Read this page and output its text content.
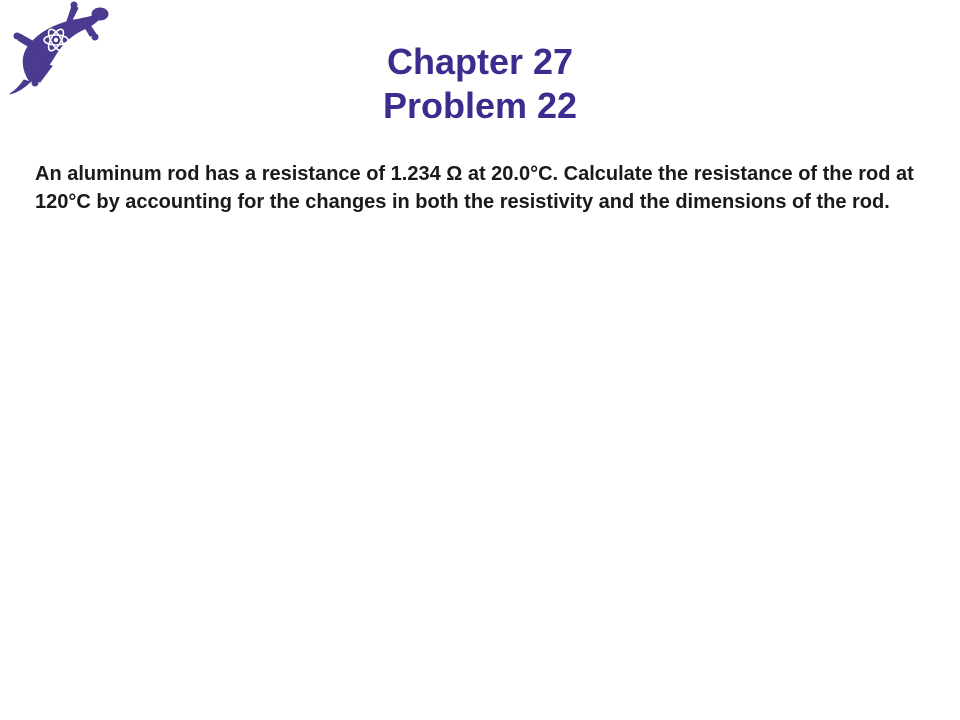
Chapter 27
Problem 22
An aluminum rod has a resistance of 1.234 Ω at 20.0°C. Calculate the resistance of the rod at 120°C by accounting for the changes in both the resistivity and the dimensions of the rod.
